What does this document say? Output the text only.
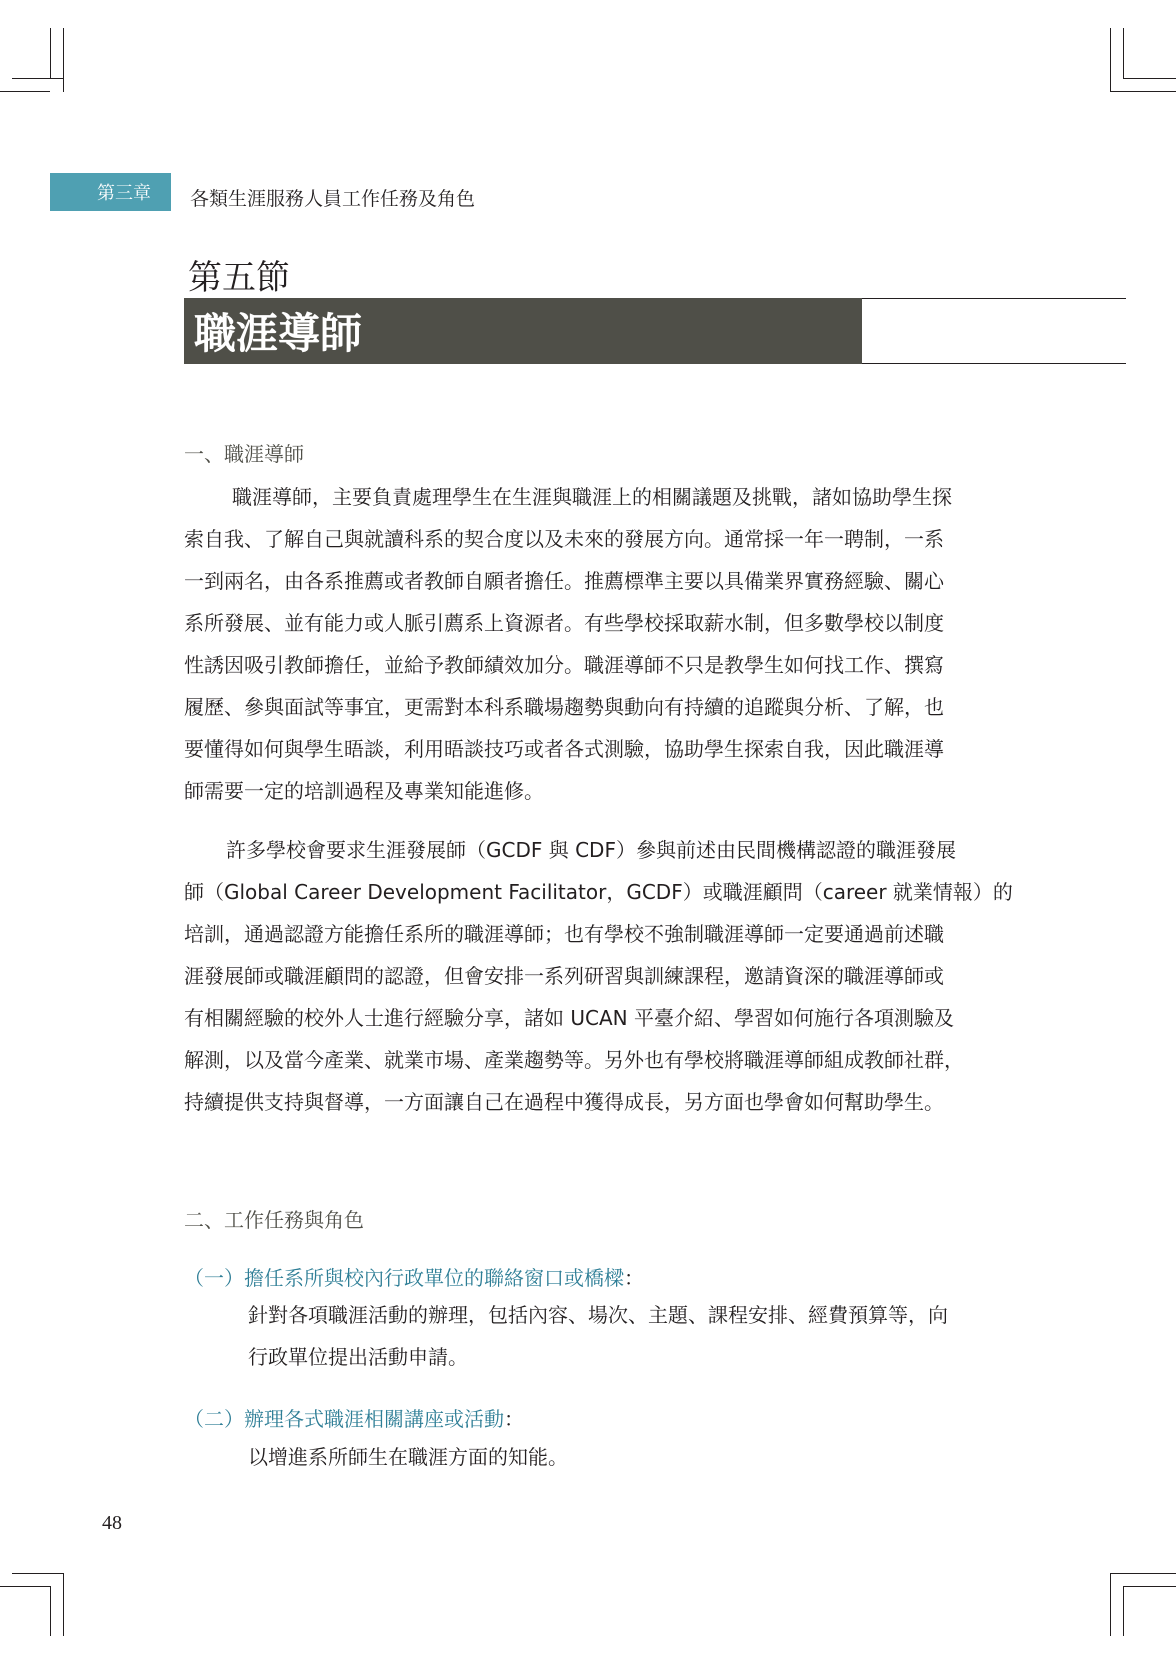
第三章	各類生涯服務人員工作任務及角色
第五節
職涯導師
一、職涯導師

職涯導師，主要負責處理學生在生涯與職涯上的相關議題及挑戰，諸如協助學生探
索自我、了解自己與就讀科系的契合度以及未來的發展方向。通常採一年一聘制，一系
一到兩名，由各系推薦或者教師自願者擔任。推薦標準主要以具備業界實務經驗、關心
系所發展、並有能力或人脈引薦系上資源者。有些學校採取薪水制，但多數學校以制度
性誘因吸引教師擔任，並給予教師績效加分。職涯導師不只是教學生如何找工作、撰寫
履歷、參與面試等事宜，更需對本科系職場趨勢與動向有持續的追蹤與分析、了解，也
要懂得如何與學生晤談，利用晤談技巧或者各式測驗，協助學生探索自我，因此職涯導
師需要一定的培訓過程及專業知能進修。

許多學校會要求生涯發展師（GCDF 與 CDF）參與前述由民間機構認證的職涯發展
師（Global Career Development Facilitator，GCDF）或職涯顧問（career 就業情報）的
培訓，通過認證方能擔任系所的職涯導師；也有學校不強制職涯導師一定要通過前述職
涯發展師或職涯顧問的認證，但會安排一系列研習與訓練課程，邀請資深的職涯導師或
有相關經驗的校外人士進行經驗分享，諸如 UCAN 平臺介紹、學習如何施行各項測驗及
解測，以及當今產業、就業市場、產業趨勢等。另外也有學校將職涯導師組成教師社群，
持續提供支持與督導，一方面讓自己在過程中獲得成長，另方面也學會如何幫助學生。

二、工作任務與角色
（一）擔任系所與校內行政單位的聯絡窗口或橋樑：
針對各項職涯活動的辦理，包括內容、場次、主題、課程安排、經費預算等，向
行政單位提出活動申請。
（二）辦理各式職涯相關講座或活動：
以增進系所師生在職涯方面的知能。
48
